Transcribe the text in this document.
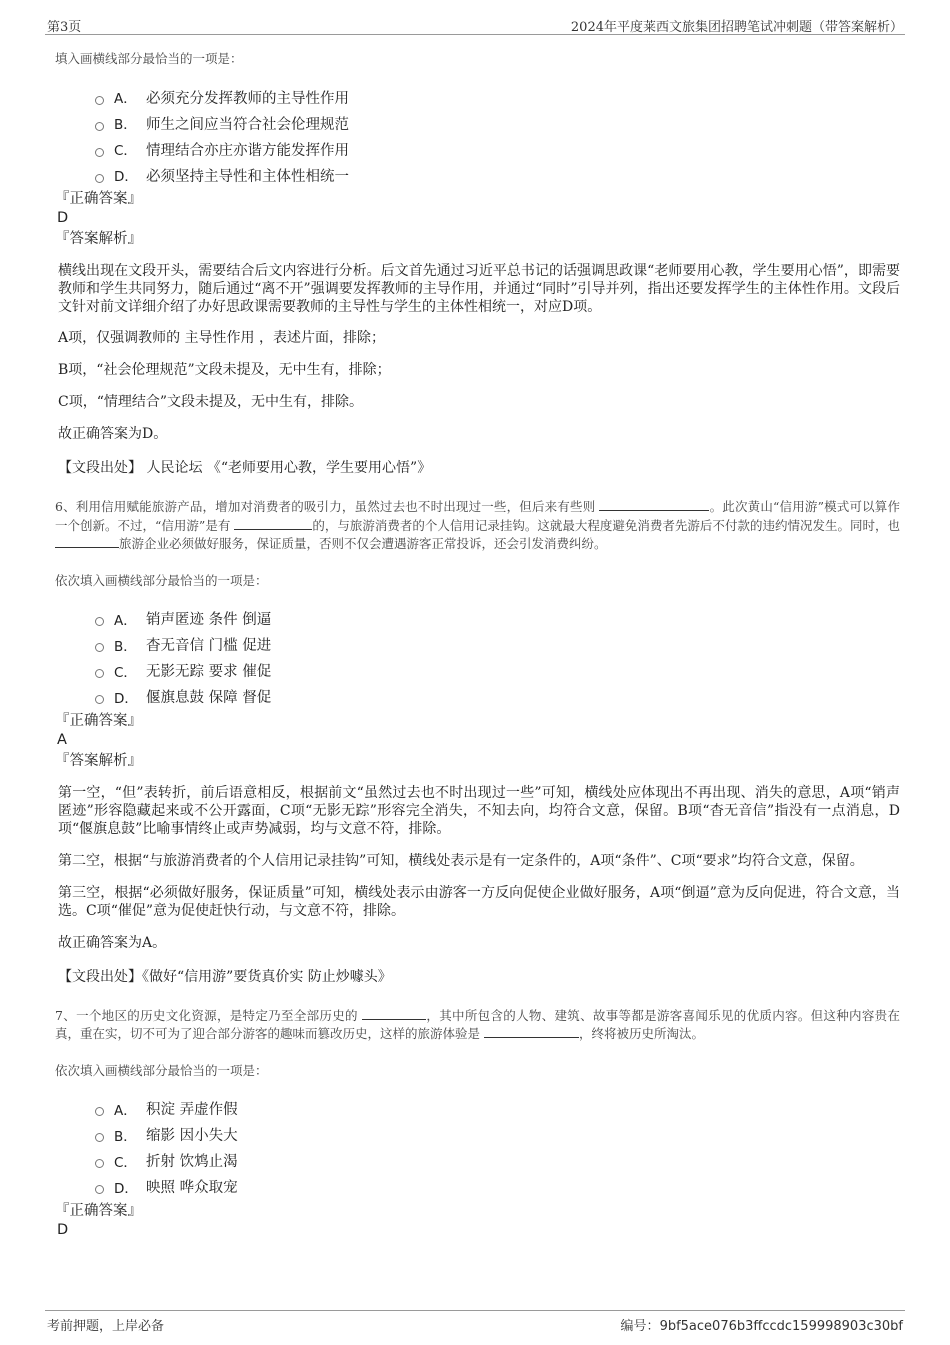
第3页	2024年平度莱西文旅集团招聘笔试冲刺题（带答案解析）

填入画横线部分最恰当的一项是：

A． 必须充分发挥教师的主导性作用
B． 师生之间应当符合社会伦理规范
C． 情理结合亦庄亦谐方能发挥作用
D． 必须坚持主导性和主体性相统一
『正确答案』
D
『答案解析』

横线出现在文段开头，需要结合后文内容进行分析。后文首先通过习近平总书记的话强调思政课“老师要用心教，学生要用心悟”，即需要教师和学生共同努力，随后通过“离不开”强调要发挥教师的主导作用，并通过“同时”引导并列，指出还要发挥学生的主体性作用。文段后文针对前文详细介绍了办好思政课需要教师的主导性与学生的主体性相统一，对应D项。

A项，仅强调教师的 主导性作用 ，表述片面，排除；

B项，“社会伦理规范”文段未提及，无中生有，排除；

C项，“情理结合”文段未提及，无中生有，排除。

故正确答案为D。

【文段出处】 人民论坛 《“老师要用心教，学生要用心悟”》

6、利用信用赋能旅游产品，增加对消费者的吸引力，虽然过去也不时出现过一些，但后来有些则	。此次黄山“信用游”模式可以算作一个创新。不过，“信用游”是有	的，与旅游消费者的个人信用记录挂钩。这就最大程度避免消费者先游后不付款的违约情况发生。同时，也 旅游企业必须做好服务，保证质量，否则不仅会遭遇游客正常投诉，还会引发消费纠纷。

依次填入画横线部分最恰当的一项是：

A． 销声匿迹 条件 倒逼
B． 杳无音信 门槛 促进
C． 无影无踪 要求 催促
D． 偃旗息鼓 保障 督促
『正确答案』
A
『答案解析』

第一空，“但”表转折，前后语意相反，根据前文“虽然过去也不时出现过一些”可知，横线处应体现出不再出现、消失的意思，A项“销声匿迹”形容隐藏起来或不公开露面，C项“无影无踪”形容完全消失，不知去向，均符合文意，保留。B项“杳无音信”指没有一点消息，D项“偃旗息鼓”比喻事情终止或声势减弱，均与文意不符，排除。

第二空，根据“与旅游消费者的个人信用记录挂钩”可知，横线处表示是有一定条件的，A项“条件”、C项“要求”均符合文意，保留。

第三空，根据“必须做好服务，保证质量”可知，横线处表示由游客一方反向促使企业做好服务，A项“倒逼”意为反向促进，符合文意，当选。C项“催促”意为促使赶快行动，与文意不符，排除。

故正确答案为A。

【文段出处】《做好“信用游”要货真价实 防止炒噱头》

7、一个地区的历史文化资源，是特定乃至全部历史的	，其中所包含的人物、建筑、故事等都是游客喜闻乐见的优质内容。但这种内容贵在真，重在实，切不可为了迎合部分游客的趣味而篡改历史，这样的旅游体验是	，终将被历史所淘汰。

依次填入画横线部分最恰当的一项是：

A． 积淀 弄虚作假
B． 缩影 因小失大
C． 折射 饮鸩止渴
D． 映照 哗众取宠
『正确答案』
D
考前押题，上岸必备	编号：9bf5ace076b3ffccdc159998903c30bf
